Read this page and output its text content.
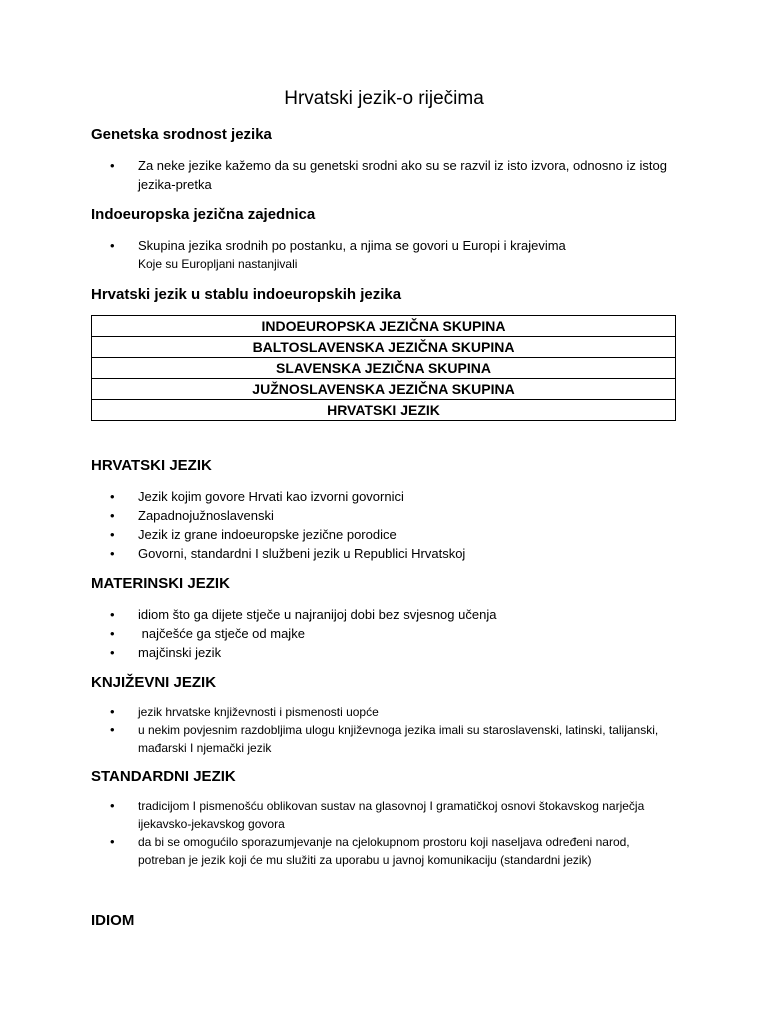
Hrvatski jezik-o riječima
Genetska srodnost jezika
• Za neke jezike kažemo da su genetski srodni ako su se razvil iz isto izvora, odnosno iz istog jezika-pretka
Indoeuropska jezična zajednica
• Skupina jezika srodnih po postanku, a njima se govori u Europi i krajevima
Koje su Europljani nastanjivali
Hrvatski jezik u stablu indoeuropskih jezika
INDOEUROPSKA JEZIČNA SKUPINA
BALTOSLAVENSKA JEZIČNA SKUPINA
SLAVENSKA JEZIČNA SKUPINA
JUŽNOSLAVENSKA JEZIČNA SKUPINA
HRVATSKI JEZIK
HRVATSKI JEZIK
• Jezik kojim govore Hrvati kao izvorni govornici
• Zapadnojužnoslavenski
• Jezik iz grane indoeuropske jezične porodice
• Govorni, standardni I službeni jezik u Republici Hrvatskoj
MATERINSKI JEZIK
• idiom što ga dijete stječe u najranijoj dobi bez svjesnog učenja
• najčešće ga stječe od majke
• majčinski jezik
KNJIŽEVNI JEZIK
• jezik hrvatske književnosti i pismenosti uopće
• u nekim povjesnim razdobljima ulogu književnoga jezika imali su staroslavenski, latinski, talijanski, mađarski I njemački jezik
STANDARDNI JEZIK
• tradicijom I pismenošću oblikovan sustav na glasovnoj I gramatičkoj osnovi štokavskog narječja ijekavsko-jekavskog govora
• da bi se omogućilo sporazumjevanje na cjelokupnom prostoru koji naseljava određeni narod, potreban je jezik koji će mu služiti za uporabu u javnoj komunikaciju (standardni jezik)
IDIOM
